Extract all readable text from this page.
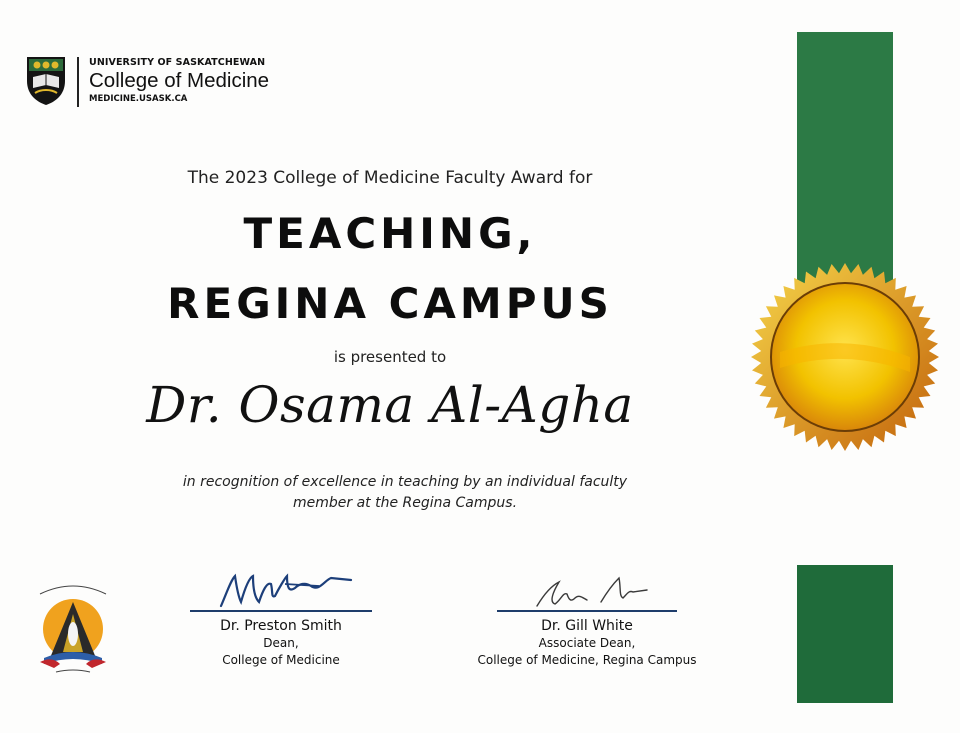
UNIVERSITY OF SASKATCHEWAN
College of Medicine
MEDICINE.USASK.CA
The 2023 College of Medicine Faculty Award for
TEACHING,
REGINA CAMPUS
is presented to
Dr. Osama Al-Agha
in recognition of excellence in teaching by an individual faculty member at the Regina Campus.
Dr. Preston Smith
Dean,
College of Medicine
Dr. Gill White
Associate Dean,
College of Medicine, Regina Campus
